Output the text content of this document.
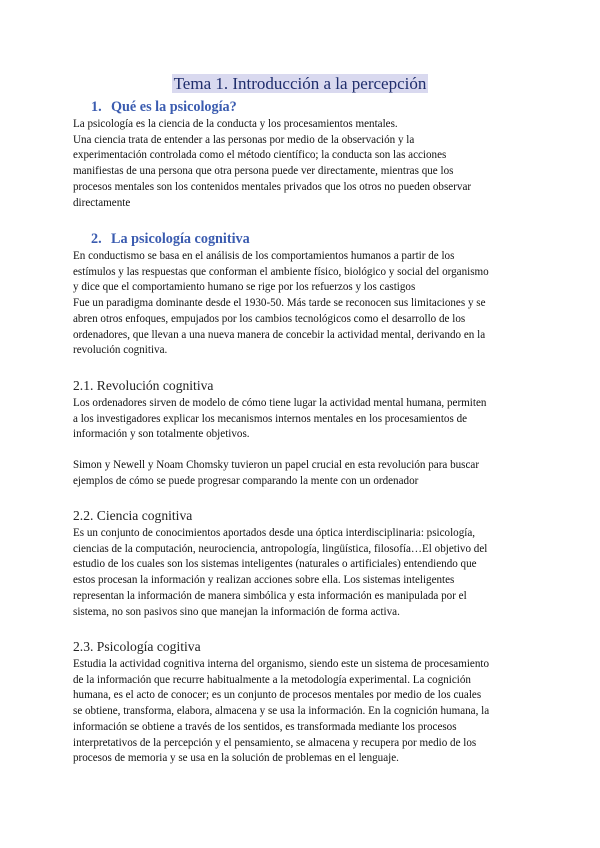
Tema 1. Introducción a la percepción
1. Qué es la psicología?
La psicología es la ciencia de la conducta y los procesamientos mentales.
Una ciencia trata de entender a las personas por medio de la observación y la
experimentación controlada como el método científico; la conducta son las acciones
manifiestas de una persona que otra persona puede ver directamente, mientras que los
procesos mentales son los contenidos mentales privados que los otros no pueden observar
directamente
2. La psicología cognitiva
En conductismo se basa en el análisis de los comportamientos humanos a partir de los
estímulos y las respuestas que conforman el ambiente físico, biológico y social del organismo
y dice que el comportamiento humano se rige por los refuerzos y los castigos
Fue un paradigma dominante desde el 1930-50. Más tarde se reconocen sus limitaciones y se
abren otros enfoques, empujados por los cambios tecnológicos como el desarrollo de los
ordenadores, que llevan a una nueva manera de concebir la actividad mental, derivando en la
revolución cognitiva.
2.1. Revolución cognitiva
Los ordenadores sirven de modelo de cómo tiene lugar la actividad mental humana, permiten
a los investigadores explicar los mecanismos internos mentales en los procesamientos de
información y son totalmente objetivos.
Simon y Newell y Noam Chomsky tuvieron un papel crucial en esta revolución para buscar
ejemplos de cómo se puede progresar comparando la mente con un ordenador
2.2. Ciencia cognitiva
Es un conjunto de conocimientos aportados desde una óptica interdisciplinaria: psicología,
ciencias de la computación, neurociencia, antropología, lingüística, filosofía…El objetivo del
estudio de los cuales son los sistemas inteligentes (naturales o artificiales) entendiendo que
estos procesan la información y realizan acciones sobre ella. Los sistemas inteligentes
representan la información de manera simbólica y esta información es manipulada por el
sistema, no son pasivos sino que manejan la información de forma activa.
2.3. Psicología cogitiva
Estudia la actividad cognitiva interna del organismo, siendo este un sistema de procesamiento
de la información que recurre habitualmente a la metodología experimental. La cognición
humana, es el acto de conocer; es un conjunto de procesos mentales por medio de los cuales
se obtiene, transforma, elabora, almacena y se usa la información. En la cognición humana, la
información se obtiene a través de los sentidos, es transformada mediante los procesos
interpretativos de la percepción y el pensamiento, se almacena y recupera por medio de los
procesos de memoria y se usa en la solución de problemas en el lenguaje.
